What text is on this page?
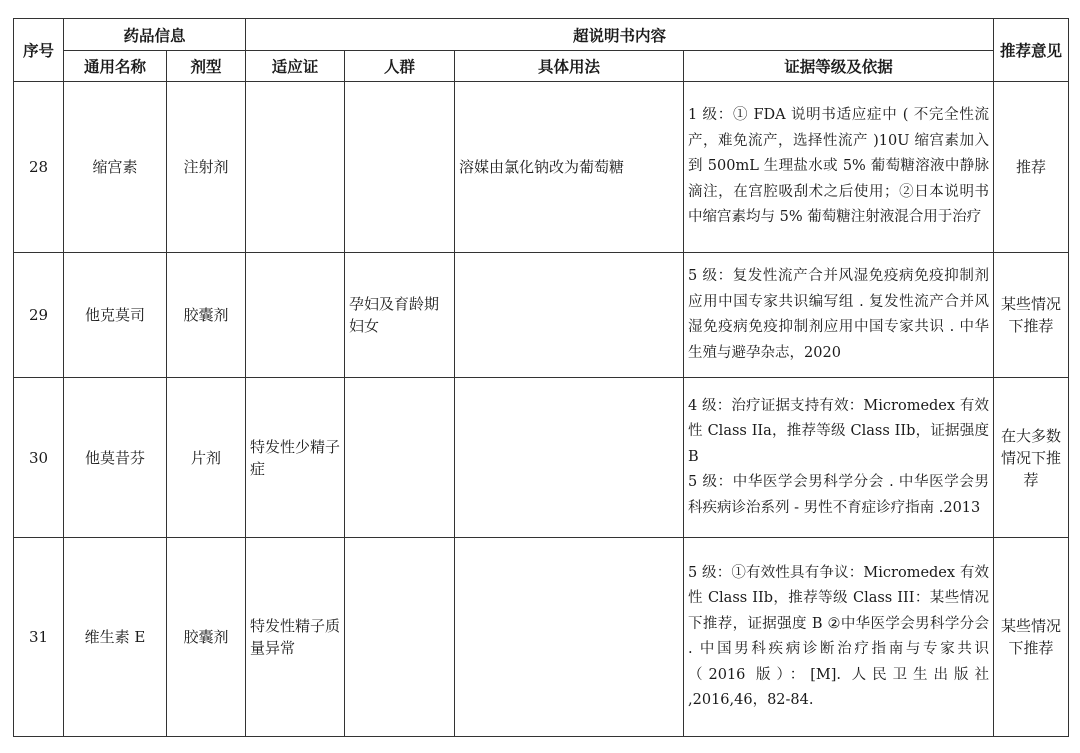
序号	药品信息		超说明书内容				推荐意见
	通用名称	剂型	适应证	人群	具体用法	证据等级及依据	
28	缩宫素	注射剂			溶媒由氯化钠改为葡萄糖	1 级：① FDA 说明书适应症中 ( 不完全性流产，难免流产，选择性流产 )10U 缩宫素加入到 500mL 生理盐水或 5% 葡萄糖溶液中静脉滴注，在宫腔吸刮术之后使用；②日本说明书中缩宫素均与 5% 葡萄糖注射液混合用于治疗	推荐
29	他克莫司	胶囊剂		孕妇及育龄期妇女		5 级：复发性流产合并风湿免疫病免疫抑制剂应用中国专家共识编写组 . 复发性流产合并风湿免疫病免疫抑制剂应用中国专家共识 . 中华生殖与避孕杂志，2020	某些情况下推荐
30	他莫昔芬	片剂	特发性少精子症			4 级：治疗证据支持有效：Micromedex 有效性 Class IIa，推荐等级 Class IIb，证据强度 B
5 级：中华医学会男科学分会 . 中华医学会男科疾病诊治系列 - 男性不育症诊疗指南 .2013	在大多数情况下推荐
31	维生素 E	胶囊剂	特发性精子质量异常			5 级：①有效性具有争议：Micromedex 有效性 Class IIb，推荐等级 Class III：某些情况下推荐，证据强度 B ②中华医学会男科学分会 . 中国男科疾病诊断治疗指南与专家共识（2016 版）：[M]. 人民卫生出版社 ,2016,46，82-84.	某些情况下推荐
